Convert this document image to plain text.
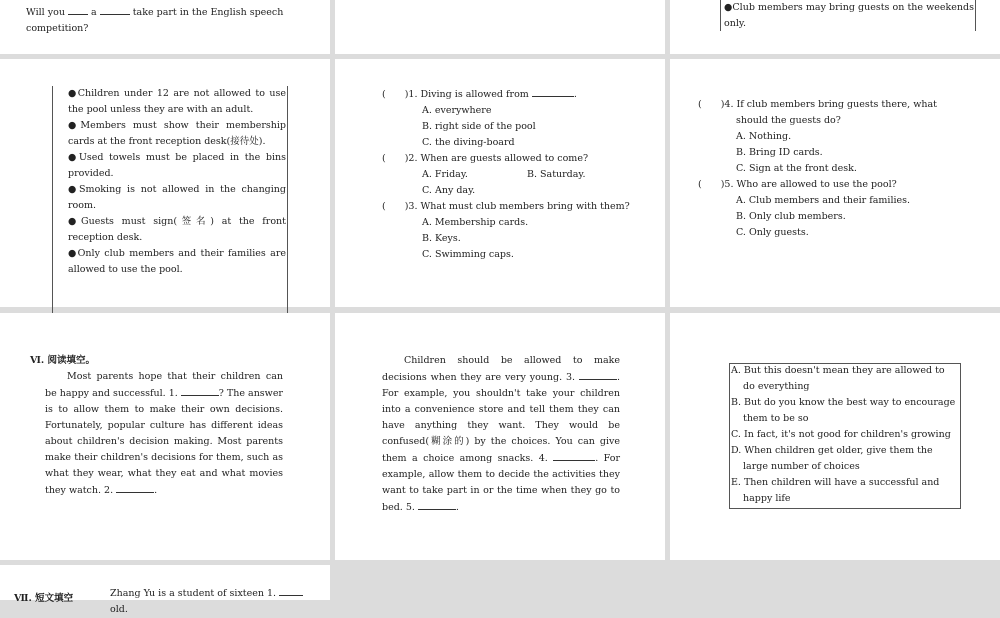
Will you	a	take part in the English speech competition?
● Club members may bring guests on the weekends only.
● Children under 12 are not allowed to use the pool unless they are with an adult.
● Members must show their membership cards at the front reception desk(接待处).
● Used towels must be placed in the bins provided.
● Smoking is not allowed in the changing room.
● Guests must sign(签名) at the front reception desk.
● Only club members and their families are allowed to use the pool.
(　　)1. Diving is allowed from	.
A. everywhere
B. right side of the pool
C. the diving-board
(　　)2. When are guests allowed to come?
A. Friday.	B. Saturday.
C. Any day.
(　　)3. What must club members bring with them?
A. Membership cards.
B. Keys.
C. Swimming caps.
(　　)4. If club members bring guests there, what should the guests do?
A. Nothing.
B. Bring ID cards.
C. Sign at the front desk.
(　　)5. Who are allowed to use the pool?
A. Club members and their families.
B. Only club members.
C. Only guests.
Ⅵ. 阅读填空。
Most parents hope that their children can be happy and successful. 1.	? The answer is to allow them to make their own decisions. Fortunately, popular culture has different ideas about children's decision making. Most parents make their children's decisions for them, such as what they wear, what they eat and what movies they watch. 2.	.
Children should be allowed to make decisions when they are very young. 3.	. For example, you shouldn't take your children into a convenience store and tell them they can have anything they want. They would be confused(糊涂的) by the choices. You can give them a choice among snacks. 4.	. For example, allow them to decide the activities they want to take part in or the time when they go to bed. 5.	.
A. But this doesn't mean they are allowed to do everything
B. But do you know the best way to encourage them to be so
C. In fact, it's not good for children's growing
D. When children get older, give them the large number of choices
E. Then children will have a successful and happy life
Ⅶ. 短文填空	Zhang Yu is a student of sixteen 1.  old.
